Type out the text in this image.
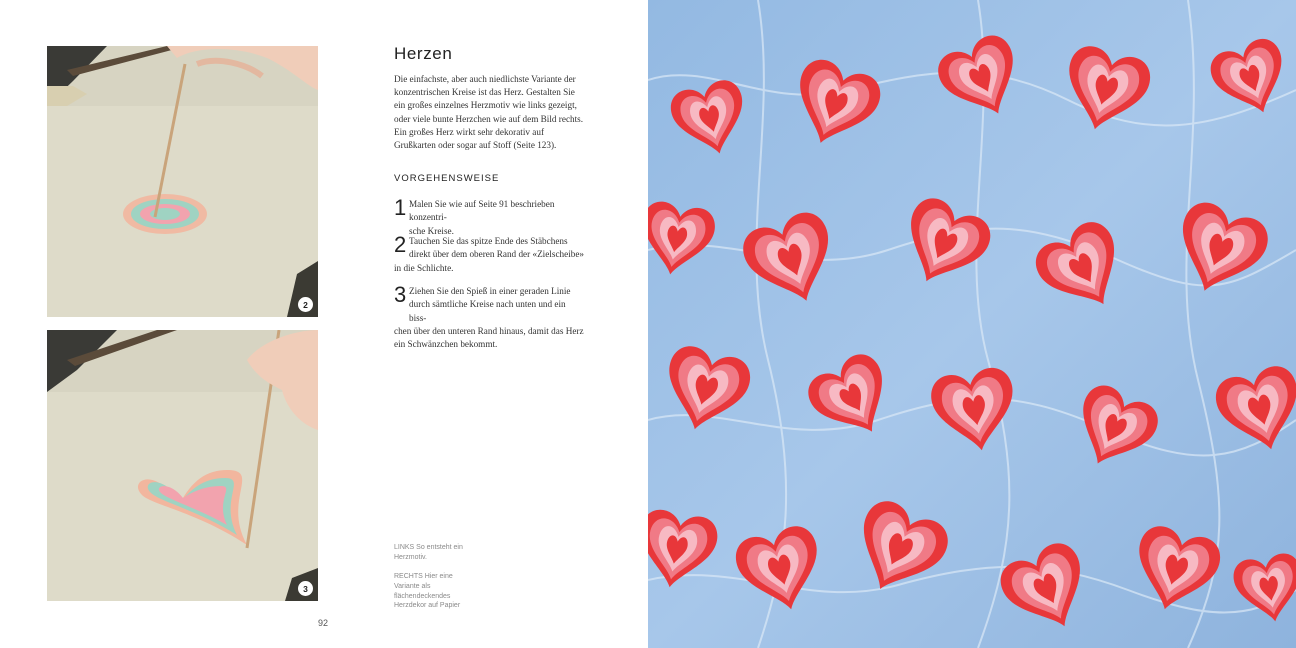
2
3
Herzen
Die einfachste, aber auch niedlichste Variante der konzentrischen Kreise ist das Herz. Gestalten Sie ein großes einzelnes Herzmotiv wie links gezeigt, oder viele bunte Herzchen wie auf dem Bild rechts. Ein großes Herz wirkt sehr dekorativ auf Grußkarten oder sogar auf Stoff (Seite 123).
VORGEHENSWEISE
1 Malen Sie wie auf Seite 91 beschrieben konzentri-
sche Kreise.
2 Tauchen Sie das spitze Ende des Stäbchens
direkt über dem oberen Rand der «Zielscheibe»
in die Schlichte.
3 Ziehen Sie den Spieß in einer geraden Linie
durch sämtliche Kreise nach unten und ein biss-
chen über den unteren Rand hinaus, damit das Herz ein Schwänzchen bekommt.
LINKS So entsteht ein Herzmotiv.
RECHTS Hier eine Variante als flächendeckendes Herzdekor auf Papier
92
